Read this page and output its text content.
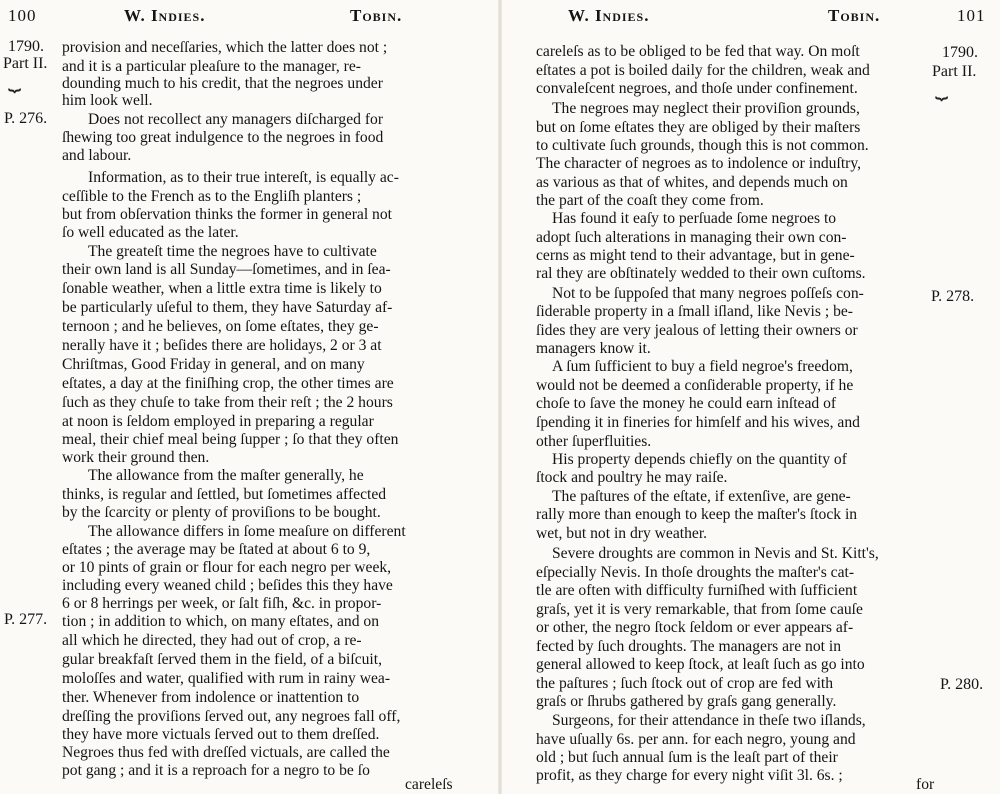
100	W. Indies.	Tobin.
1790.
Part II.
⏟
P. 276.
P. 277.
provision and neceſſaries, which the latter does not ;
and it is a particular pleaſure to the manager, re-
dounding much to his credit, that the negroes under
him look well.
Does not recollect any managers diſcharged for
ſhewing too great indulgence to the negroes in food
and labour.
Information, as to their true intereſt, is equally ac-
ceſſible to the French as to the Engliſh planters ;
but from obſervation thinks the former in general not
ſo well educated as the later.
The greateſt time the negroes have to cultivate
their own land is all Sunday—ſometimes, and in ſea-
ſonable weather, when a little extra time is likely to
be particularly uſeful to them, they have Saturday af-
ternoon ; and he believes, on ſome eſtates, they ge-
nerally have it ; beſides there are holidays, 2 or 3 at
Chriſtmas, Good Friday in general, and on many
eſtates, a day at the finiſhing crop, the other times are
ſuch as they chuſe to take from their reſt ; the 2 hours
at noon is ſeldom employed in preparing a regular
meal, their chief meal being ſupper ; ſo that they often
work their ground then.
The allowance from the maſter generally, he
thinks, is regular and ſettled, but ſometimes affected
by the ſcarcity or plenty of proviſions to be bought.
The allowance differs in ſome meaſure on different
eſtates ; the average may be ſtated at about 6 to 9,
or 10 pints of grain or flour for each negro per week,
including every weaned child ; beſides this they have
6 or 8 herrings per week, or ſalt fiſh, &c. in propor-
tion ; in addition to which, on many eſtates, and on
all which he directed, they had out of crop, a re-
gular breakfaſt ſerved them in the field, of a biſcuit,
moloſſes and water, qualified with rum in rainy wea-
ther. Whenever from indolence or inattention to
dreſſing the proviſions ſerved out, any negroes fall off,
they have more victuals ſerved out to them dreſſed.
Negroes thus fed with dreſſed victuals, are called the
pot gang ; and it is a reproach for a negro to be ſo
careleſs
W. Indies.	Tobin.	101
1790.
Part II.
⏟
P. 278.
P. 280.
careleſs as to be obliged to be fed that way. On moſt
eſtates a pot is boiled daily for the children, weak and
convaleſcent negroes, and thoſe under confinement.
The negroes may neglect their proviſion grounds,
but on ſome eſtates they are obliged by their maſters
to cultivate ſuch grounds, though this is not common.
The character of negroes as to indolence or induſtry,
as various as that of whites, and depends much on
the part of the coaſt they come from.
Has found it eaſy to perſuade ſome negroes to
adopt ſuch alterations in managing their own con-
cerns as might tend to their advantage, but in gene-
ral they are obſtinately wedded to their own cuſtoms.
Not to be ſuppoſed that many negroes poſſeſs con-
ſiderable property in a ſmall iſland, like Nevis ; be-
ſides they are very jealous of letting their owners or
managers know it.
A ſum ſufficient to buy a field negroe's freedom,
would not be deemed a conſiderable property, if he
choſe to ſave the money he could earn inſtead of
ſpending it in fineries for himſelf and his wives, and
other ſuperfluities.
His property depends chiefly on the quantity of
ſtock and poultry he may raiſe.
The paſtures of the eſtate, if extenſive, are gene-
rally more than enough to keep the maſter's ſtock in
wet, but not in dry weather.
Severe droughts are common in Nevis and St. Kitt's,
eſpecially Nevis. In thoſe droughts the maſter's cat-
tle are often with difficulty furniſhed with ſufficient
graſs, yet it is very remarkable, that from ſome cauſe
or other, the negro ſtock ſeldom or ever appears af-
fected by ſuch droughts. The managers are not in
general allowed to keep ſtock, at leaſt ſuch as go into
the paſtures ; ſuch ſtock out of crop are fed with
graſs or ſhrubs gathered by graſs gang generally.
Surgeons, for their attendance in theſe two iſlands,
have uſually 6s. per ann. for each negro, young and
old ; but ſuch annual ſum is the leaſt part of their
profit, as they charge for every night viſit 3l. 6s. ;
for
